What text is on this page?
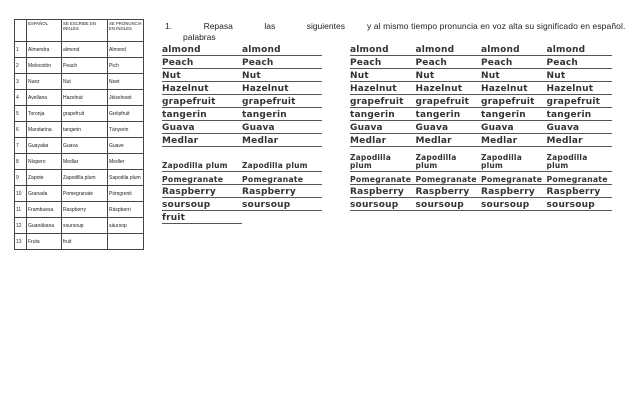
	ESPAÑOL	SE ESCRIBE EN INGLES	SE PRONUNCIA EN INGLES
1	Almendra	almond	Almond
2	Melocotón	Peach	Pich
3	Nuez	Nut	Noet
4	Avellana	Hazelnut	Jéiselnoet
5	Toronja	grapefruit	Gréipfruit
6	Mandarina	tangerin	Tányerin
7	Guayaba	Guava	Guave
8	Níspero	Medlar	Medler
9	Zapote	Zapodilla plum	Sapodila plum
10	Granada	Pomegranate	Pómgrenit
11	Frambuesa	Raspberry	Ráspberri
12	Guanábana	soursoup	sáursop
13	Fruta	fruit	
1.	Repasa	las	siguientes
palabras
y al mismo tiempo pronuncia en voz alta su significado en español.
almond	almond
Peach	Peach
Nut	Nut
Hazelnut	Hazelnut
grapefruit	grapefruit
tangerin	tangerin
Guava	Guava
Medlar	Medlar
Zapodilla plum	Zapodilla plum
Pomegranate	Pomegranate
Raspberry	Raspberry
soursoup	soursoup
fruit	
almond	almond	almond	almond
Peach	Peach	Peach	Peach
Nut	Nut	Nut	Nut
Hazelnut	Hazelnut	Hazelnut	Hazelnut
grapefruit	grapefruit	grapefruit	grapefruit
tangerin	tangerin	tangerin	tangerin
Guava	Guava	Guava	Guava
Medlar	Medlar	Medlar	Medlar
Zapodilla plum	Zapodilla plum	Zapodilla plum	Zapodilla plum
Pomegranate	Pomegranate	Pomegranate	Pomegranate
Raspberry	Raspberry	Raspberry	Raspberry
soursoup	soursoup	soursoup	soursoup
